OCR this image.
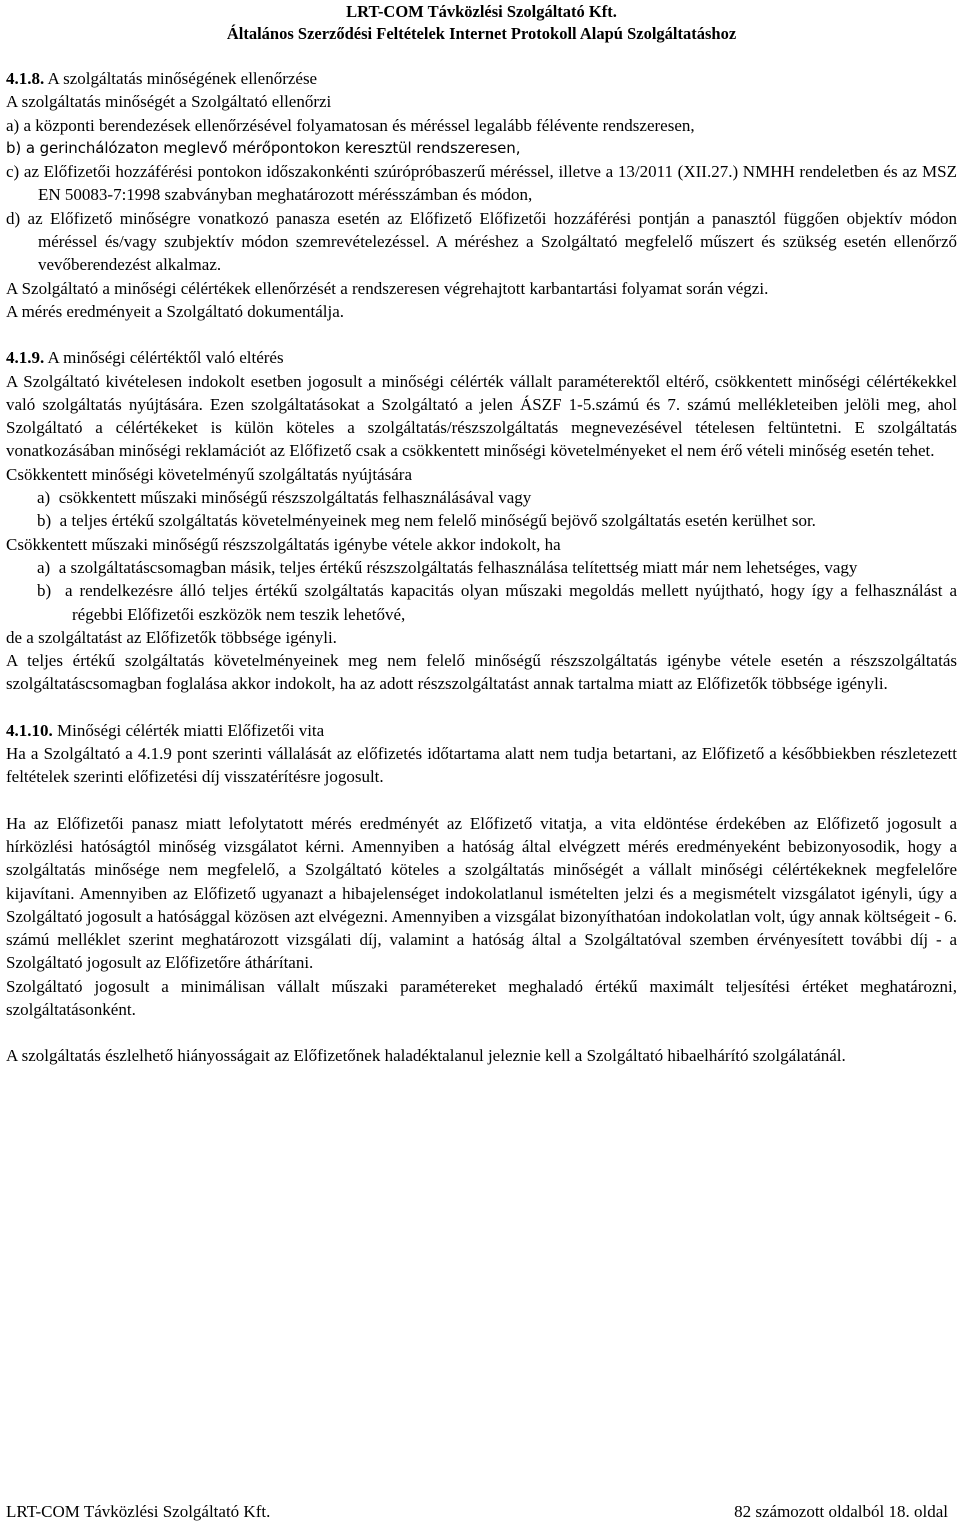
LRT-COM Távközlési Szolgáltató Kft.
Általános Szerződési Feltételek Internet Protokoll Alapú Szolgáltatáshoz

4.1.8. A szolgáltatás minőségének ellenőrzése

A szolgáltatás minőségét a Szolgáltató ellenőrzi

a) a központi berendezések ellenőrzésével folyamatosan és méréssel legalább félévente rendszeresen,

b) a gerinchálózaton meglevő mérőpontokon keresztül rendszeresen,

c) az Előfizetői hozzáférési pontokon időszakonkénti szúrópróbaszerű méréssel, illetve a 13/2011 (XII.27.) NMHH rendeletben és az MSZ EN 50083-7:1998 szabványban meghatározott mérésszámban és módon,

d) az Előfizető minőségre vonatkozó panasza esetén az Előfizető Előfizetői hozzáférési pontján a panasztól függően objektív módon méréssel és/vagy szubjektív módon szemrevételezéssel. A méréshez a Szolgáltató megfelelő műszert és szükség esetén ellenőrző vevőberendezést alkalmaz.

A Szolgáltató a minőségi célértékek ellenőrzését a rendszeresen végrehajtott karbantartási folyamat során végzi.

A mérés eredményeit a Szolgáltató dokumentálja.

4.1.9. A minőségi célértéktől való eltérés

A Szolgáltató kivételesen indokolt esetben jogosult a minőségi célérték vállalt paraméterektől eltérő, csökkentett minőségi célértékekkel való szolgáltatás nyújtására. Ezen szolgáltatásokat a Szolgáltató a jelen ÁSZF 1-5.számú és 7. számú mellékleteiben jelöli meg, ahol Szolgáltató a célértékeket is külön köteles a szolgáltatás/részszolgáltatás megnevezésével tételesen feltüntetni. E szolgáltatás vonatkozásában minőségi reklamációt az Előfizető csak a csökkentett minőségi követelményeket el nem érő vételi minőség esetén tehet.

Csökkentett minőségi követelményű szolgáltatás nyújtására

a)  csökkentett műszaki minőségű részszolgáltatás felhasználásával vagy

b)  a teljes értékű szolgáltatás követelményeinek meg nem felelő minőségű bejövő szolgáltatás esetén kerülhet sor.

Csökkentett műszaki minőségű részszolgáltatás igénybe vétele akkor indokolt, ha

a)  a szolgáltatáscsomagban másik, teljes értékű részszolgáltatás felhasználása telítettség miatt már nem lehetséges, vagy

b)  a rendelkezésre álló teljes értékű szolgáltatás kapacitás olyan műszaki megoldás mellett nyújtható, hogy így a felhasználást a régebbi Előfizetői eszközök nem teszik lehetővé,

de a szolgáltatást az Előfizetők többsége igényli.

A teljes értékű szolgáltatás követelményeinek meg nem felelő minőségű részszolgáltatás igénybe vétele esetén a részszolgáltatás szolgáltatáscsomagban foglalása akkor indokolt, ha az adott részszolgáltatást annak tartalma miatt az Előfizetők többsége igényli.

4.1.10. Minőségi célérték miatti Előfizetői vita

Ha a Szolgáltató a 4.1.9 pont szerinti vállalását az előfizetés időtartama alatt nem tudja betartani, az Előfizető a későbbiekben részletezett feltételek szerinti előfizetési díj visszatérítésre jogosult.

Ha az Előfizetői panasz miatt lefolytatott mérés eredményét az Előfizető vitatja, a vita eldöntése érdekében az Előfizető jogosult a hírközlési hatóságtól minőség vizsgálatot kérni. Amennyiben a hatóság által elvégzett mérés eredményeként bebizonyosodik, hogy a szolgáltatás minősége nem megfelelő, a Szolgáltató köteles a szolgáltatás minőségét a vállalt minőségi célértékeknek megfelelőre kijavítani. Amennyiben az Előfizető ugyanazt a hibajelenséget indokolatlanul ismételten jelzi és a megismételt vizsgálatot igényli, úgy a Szolgáltató jogosult a hatósággal közösen azt elvégezni. Amennyiben a vizsgálat bizonyíthatóan indokolatlan volt, úgy annak költségeit - 6. számú melléklet szerint meghatározott vizsgálati díj, valamint a hatóság által a Szolgáltatóval szemben érvényesített további díj - a Szolgáltató jogosult az Előfizetőre áthárítani.

Szolgáltató jogosult a minimálisan vállalt műszaki paramétereket meghaladó értékű maximált teljesítési értéket meghatározni, szolgáltatásonként.

A szolgáltatás észlelhető hiányosságait az Előfizetőnek haladéktalanul jeleznie kell a Szolgáltató hibaelhárító szolgálatánál.

LRT-COM Távközlési Szolgáltató Kft.	82 számozott oldalból 18. oldal
